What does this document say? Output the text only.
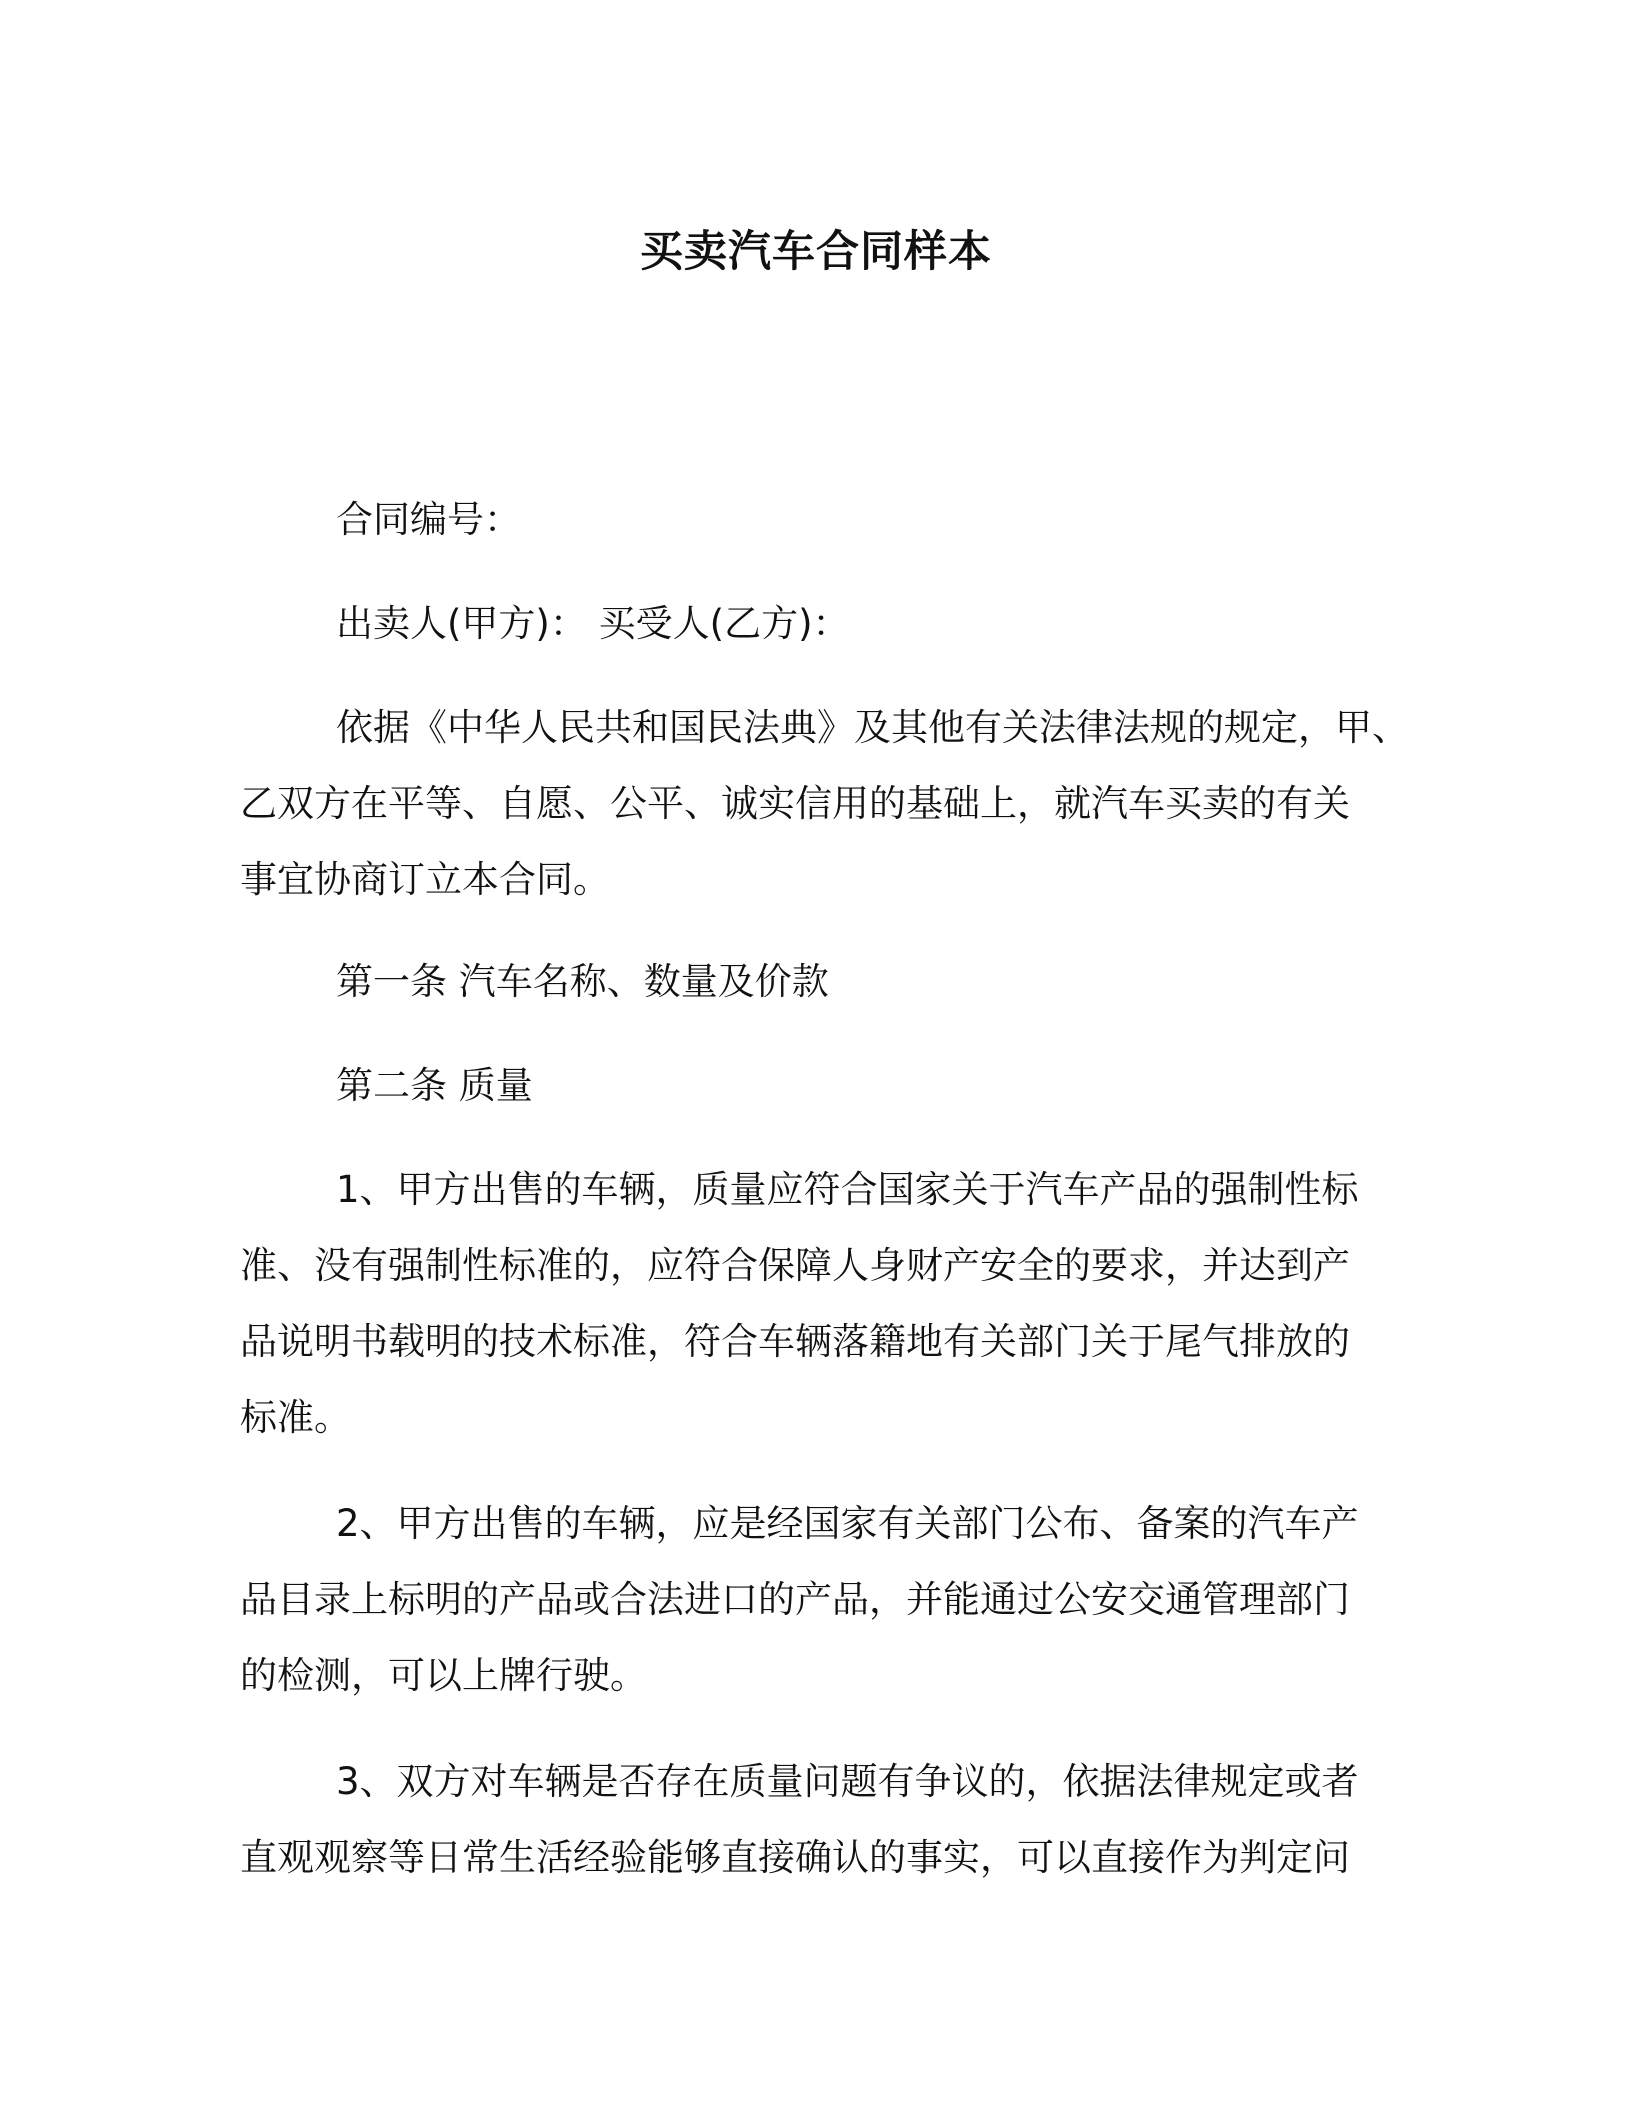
买卖汽车合同样本
合同编号：
出卖人(甲方)： 买受人(乙方)：
依据《中华人民共和国民法典》及其他有关法律法规的规定，甲、
乙双方在平等、自愿、公平、诚实信用的基础上，就汽车买卖的有关
事宜协商订立本合同。
第一条 汽车名称、数量及价款
第二条 质量
1、甲方出售的车辆，质量应符合国家关于汽车产品的强制性标
准、没有强制性标准的，应符合保障人身财产安全的要求，并达到产
品说明书载明的技术标准，符合车辆落籍地有关部门关于尾气排放的
标准。
2、甲方出售的车辆，应是经国家有关部门公布、备案的汽车产
品目录上标明的产品或合法进口的产品，并能通过公安交通管理部门
的检测，可以上牌行驶。
3、双方对车辆是否存在质量问题有争议的，依据法律规定或者
直观观察等日常生活经验能够直接确认的事实，可以直接作为判定问
